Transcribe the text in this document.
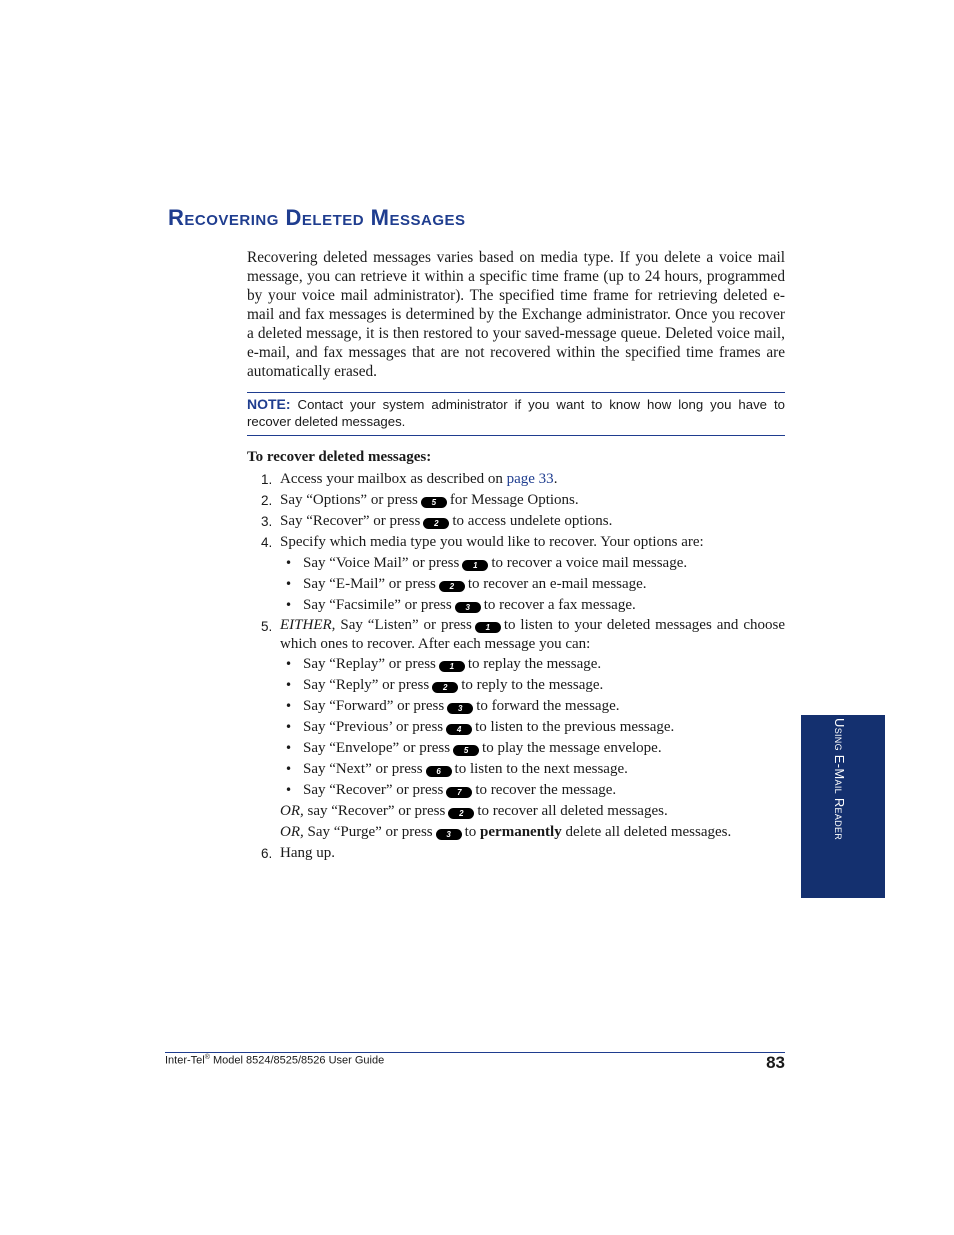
Recovering Deleted Messages

Recovering deleted messages varies based on media type. If you delete a voice mail message, you can retrieve it within a specific time frame (up to 24 hours, programmed by your voice mail administrator). The specified time frame for retrieving deleted e-mail and fax messages is determined by the Exchange administrator. Once you recover a deleted message, it is then restored to your saved-message queue. Deleted voice mail, e-mail, and fax messages that are not recovered within the specified time frames are automatically erased.

NOTE: Contact your system administrator if you want to know how long you have to recover deleted messages.

To recover deleted messages:

1. Access your mailbox as described on page 33.
2. Say “Options” or press 5 for Message Options.
3. Say “Recover” or press 2 to access undelete options.
4. Specify which media type you would like to recover. Your options are:
• Say “Voice Mail” or press 1 to recover a voice mail message.
• Say “E-Mail” or press 2 to recover an e-mail message.
• Say “Facsimile” or press 3 to recover a fax message.
5. EITHER, Say “Listen” or press 1 to listen to your deleted messages and choose which ones to recover. After each message you can:
• Say “Replay” or press 1 to replay the message.
• Say “Reply” or press 2 to reply to the message.
• Say “Forward” or press 3 to forward the message.
• Say “Previous’ or press 4 to listen to the previous message.
• Say “Envelope” or press 5 to play the message envelope.
• Say “Next” or press 6 to listen to the next message.
• Say “Recover” or press 7 to recover the message.
OR, say “Recover” or press 2 to recover all deleted messages.
OR, Say “Purge” or press 3 to permanently delete all deleted messages.
6. Hang up.
Using E-Mail Reader
Inter-Tel® Model 8524/8525/8526 User Guide	83
